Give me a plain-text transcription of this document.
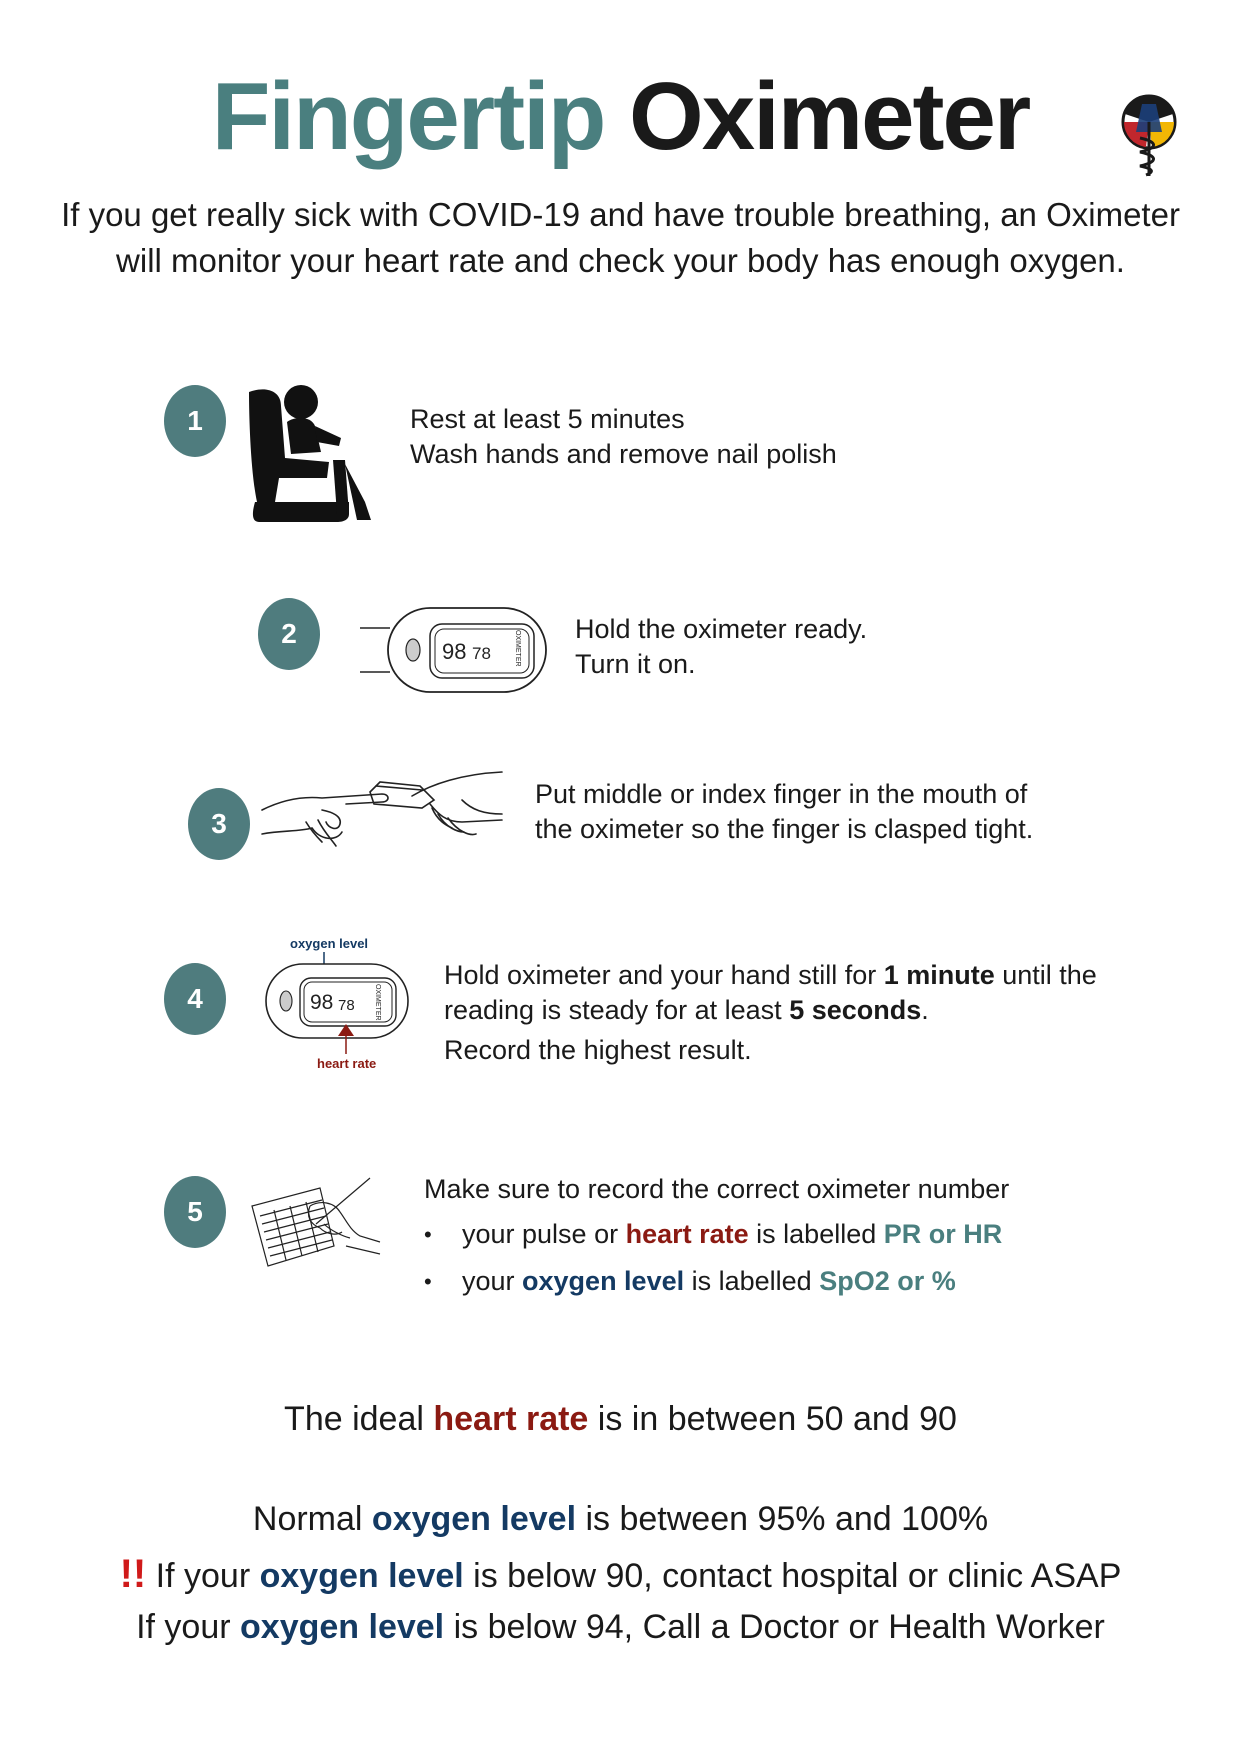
Fingertip Oximeter
If you get really sick with COVID-19 and have trouble breathing, an Oximeter
will monitor your heart rate and check your body has enough oxygen.
1	Rest at least 5 minutes
Wash hands and remove nail polish
2
98 78	OXIMETER
Hold the oximeter ready.
Turn it on.
3
Put middle or index finger in the mouth of
the oximeter so the finger is clasped tight.
4
oxygen level
98 78	OXIMETER
heart rate
Hold oximeter and your hand still for 1 minute until the
reading is steady for at least 5 seconds.
Record the highest result.
5
Make sure to record the correct oximeter number
• your pulse or heart rate is labelled PR or HR
• your oxygen level is labelled SpO2 or %
The ideal heart rate is in between 50 and 90
Normal oxygen level is between 95% and 100%
!! If your oxygen level is below 90, contact hospital or clinic ASAP
If your oxygen level is below 94, Call a Doctor or Health Worker
